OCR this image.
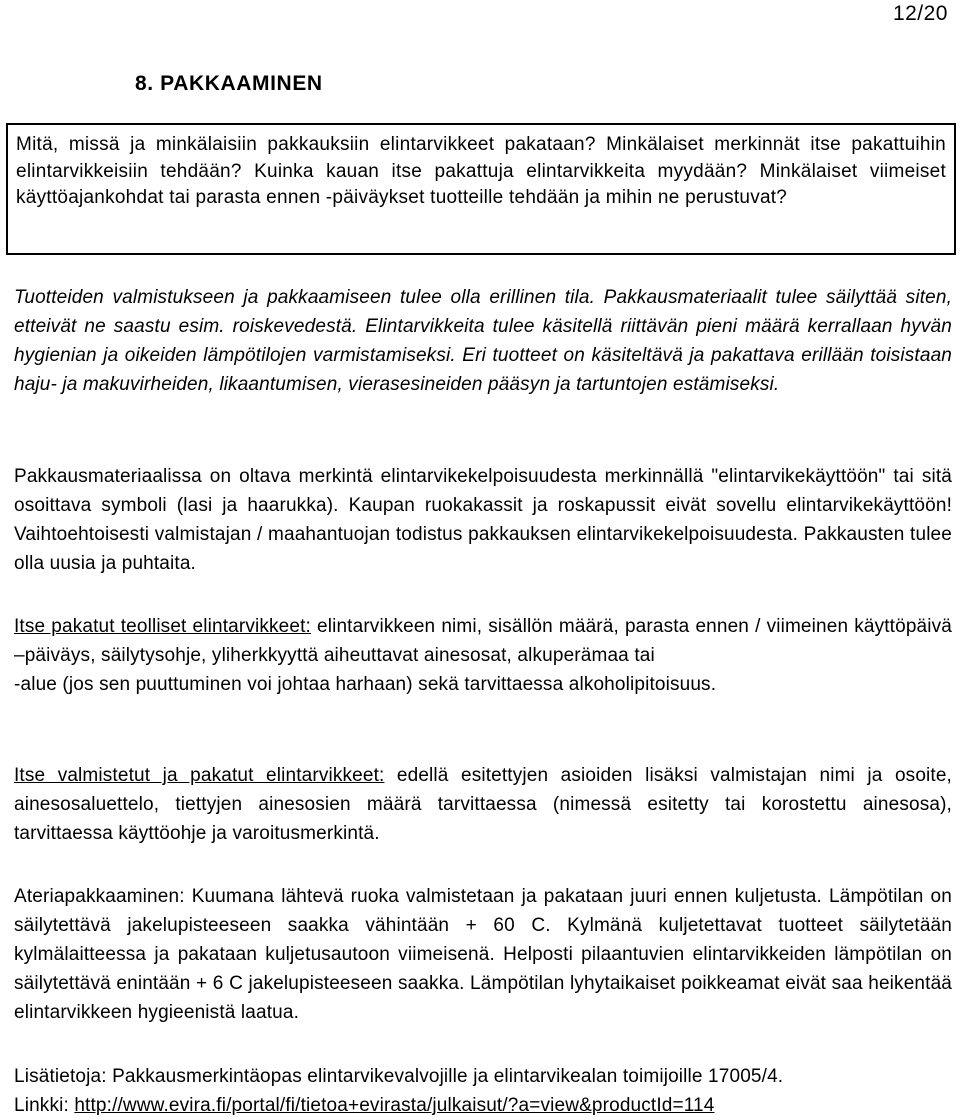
12/20
8. PAKKAAMINEN
Mitä, missä ja minkälaisiin pakkauksiin elintarvikkeet pakataan? Minkälaiset merkinnät itse pakattuihin elintarvikkeisiin tehdään? Kuinka kauan itse pakattuja elintarvikkeita myydään? Minkälaiset viimeiset käyttöajankohdat tai parasta ennen -päiväykset tuotteille tehdään ja mihin ne perustuvat?

Tuotteiden valmistukseen ja pakkaamiseen tulee olla erillinen tila. Pakkausmateriaalit tulee säilyttää siten, etteivät ne saastu esim. roiskevedestä. Elintarvikkeita tulee käsitellä riittävän pieni määrä kerrallaan hyvän hygienian ja oikeiden lämpötilojen varmistamiseksi. Eri tuotteet on käsiteltävä ja pakattava erillään toisistaan haju- ja makuvirheiden, likaantumisen, vierasesineiden pääsyn ja tartuntojen estämiseksi.

Pakkausmateriaalissa on oltava merkintä elintarvikekelpoisuudesta merkinnällä "elintarvikekäyttöön" tai sitä osoittava symboli (lasi ja haarukka). Kaupan ruokakassit ja roskapussit eivät sovellu elintarvikekäyttöön! Vaihtoehtoisesti valmistajan / maahantuojan todistus pakkauksen elintarvikekelpoisuudesta. Pakkausten tulee olla uusia ja puhtaita.

Itse pakatut teolliset elintarvikkeet: elintarvikkeen nimi, sisällön määrä, parasta ennen / viimeinen käyttöpäivä –päiväys, säilytysohje, yliherkkyyttä aiheuttavat ainesosat, alkuperämaa tai
-alue (jos sen puuttuminen voi johtaa harhaan) sekä tarvittaessa alkoholipitoisuus.
Itse valmistetut ja pakatut elintarvikkeet: edellä esitettyjen asioiden lisäksi valmistajan nimi ja osoite, ainesosaluettelo, tiettyjen ainesosien määrä tarvittaessa (nimessä esitetty tai korostettu ainesosa), tarvittaessa käyttöohje ja varoitusmerkintä.

Ateriapakkaaminen: Kuumana lähtevä ruoka valmistetaan ja pakataan juuri ennen kuljetusta. Lämpötilan on säilytettävä jakelupisteeseen saakka vähintään + 60 C. Kylmänä kuljetettavat tuotteet säilytetään kylmälaitteessa ja pakataan kuljetusautoon viimeisenä. Helposti pilaantuvien elintarvikkeiden lämpötilan on säilytettävä enintään + 6 C jakelupisteeseen saakka. Lämpötilan lyhytaikaiset poikkeamat eivät saa heikentää elintarvikkeen hygieenistä laatua.

Lisätietoja: Pakkausmerkintäopas elintarvikevalvojille ja elintarvikealan toimijoille 17005/4.
Linkki: http://www.evira.fi/portal/fi/tietoa+evirasta/julkaisut/?a=view&productId=114
